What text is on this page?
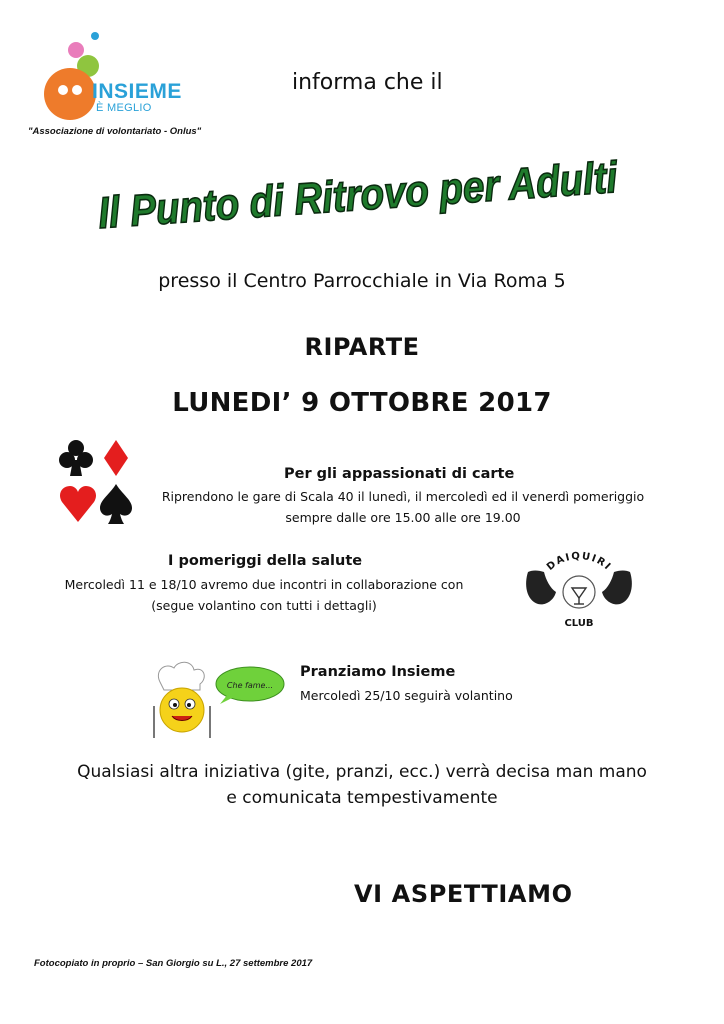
INSIEME
È MEGLIO
"Associazione di volontariato - Onlus"
informa che il
Il Punto di Ritrovo per Adulti
presso il Centro Parrocchiale in Via Roma 5
RIPARTE
LUNEDI’ 9 OTTOBRE 2017
Per gli appassionati di carte
Riprendono le gare di Scala 40 il lunedì, il mercoledì ed il venerdì pomeriggio
sempre dalle ore 15.00 alle ore 19.00
I pomeriggi della salute
Mercoledì 11 e 18/10 avremo due incontri in collaborazione con
(segue volantino con tutti i dettagli)
DAIQUIRI
CLUB
Che fame...
Pranziamo Insieme
Mercoledì 25/10 seguirà volantino
Qualsiasi altra iniziativa (gite, pranzi, ecc.) verrà decisa man mano
e comunicata tempestivamente
VI ASPETTIAMO
Fotocopiato in proprio – San Giorgio su L., 27 settembre 2017
